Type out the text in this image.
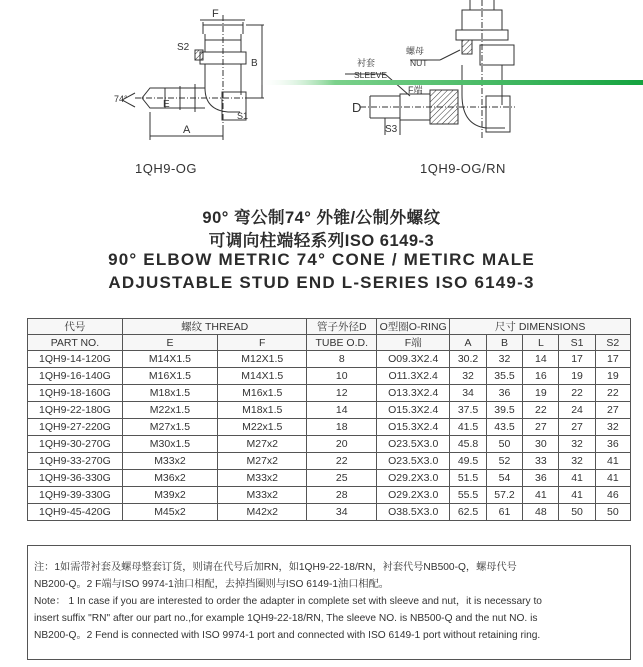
F
S2
B
A
E
S1
74°
衬套
SLEEVE
螺母
NUT
D
F端
S3
1QH9-OG	1QH9-OG/RN
90° 弯公制74° 外锥/公制外螺纹
可调向柱端轻系列ISO 6149-3
90° ELBOW METRIC 74° CONE / METIRC MALE
ADJUSTABLE STUD END L-SERIES ISO 6149-3
代号	螺纹 THREAD		管子外径D	O型圈O-RING	尺寸 DIMENSIONS				
PART NO.	E	F	TUBE O.D.	F端	A	B	L	S1	S2
1QH9-14-120G	M14X1.5	M12X1.5	8	O09.3X2.4	30.2	32	14	17	17
1QH9-16-140G	M16X1.5	M14X1.5	10	O11.3X2.4	32	35.5	16	19	19
1QH9-18-160G	M18x1.5	M16x1.5	12	O13.3X2.4	34	36	19	22	22
1QH9-22-180G	M22x1.5	M18x1.5	14	O15.3X2.4	37.5	39.5	22	24	27
1QH9-27-220G	M27x1.5	M22x1.5	18	O15.3X2.4	41.5	43.5	27	27	32
1QH9-30-270G	M30x1.5	M27x2	20	O23.5X3.0	45.8	50	30	32	36
1QH9-33-270G	M33x2	M27x2	22	O23.5X3.0	49.5	52	33	32	41
1QH9-36-330G	M36x2	M33x2	25	O29.2X3.0	51.5	54	36	41	41
1QH9-39-330G	M39x2	M33x2	28	O29.2X3.0	55.5	57.2	41	41	46
1QH9-45-420G	M45x2	M42x2	34	O38.5X3.0	62.5	61	48	50	50

注：1如需带衬套及螺母整套订货，则请在代号后加RN，如1QH9-22-18/RN，衬套代号NB500-Q，螺母代号

NB200-Q。2 F端与ISO 9974-1油口相配，去掉挡圈则与ISO 6149-1油口相配。

Note： 1 In case if you are interested to order the adapter in complete set with sleeve and nut，it is necessary to

insert suffix "RN" after our part no.,for example 1QH9-22-18/RN, The sleeve NO. is NB500-Q and the nut NO. is

NB200-Q。2 Fend is connected with ISO 9974-1 port and connected with ISO 6149-1 port without retaining ring.
